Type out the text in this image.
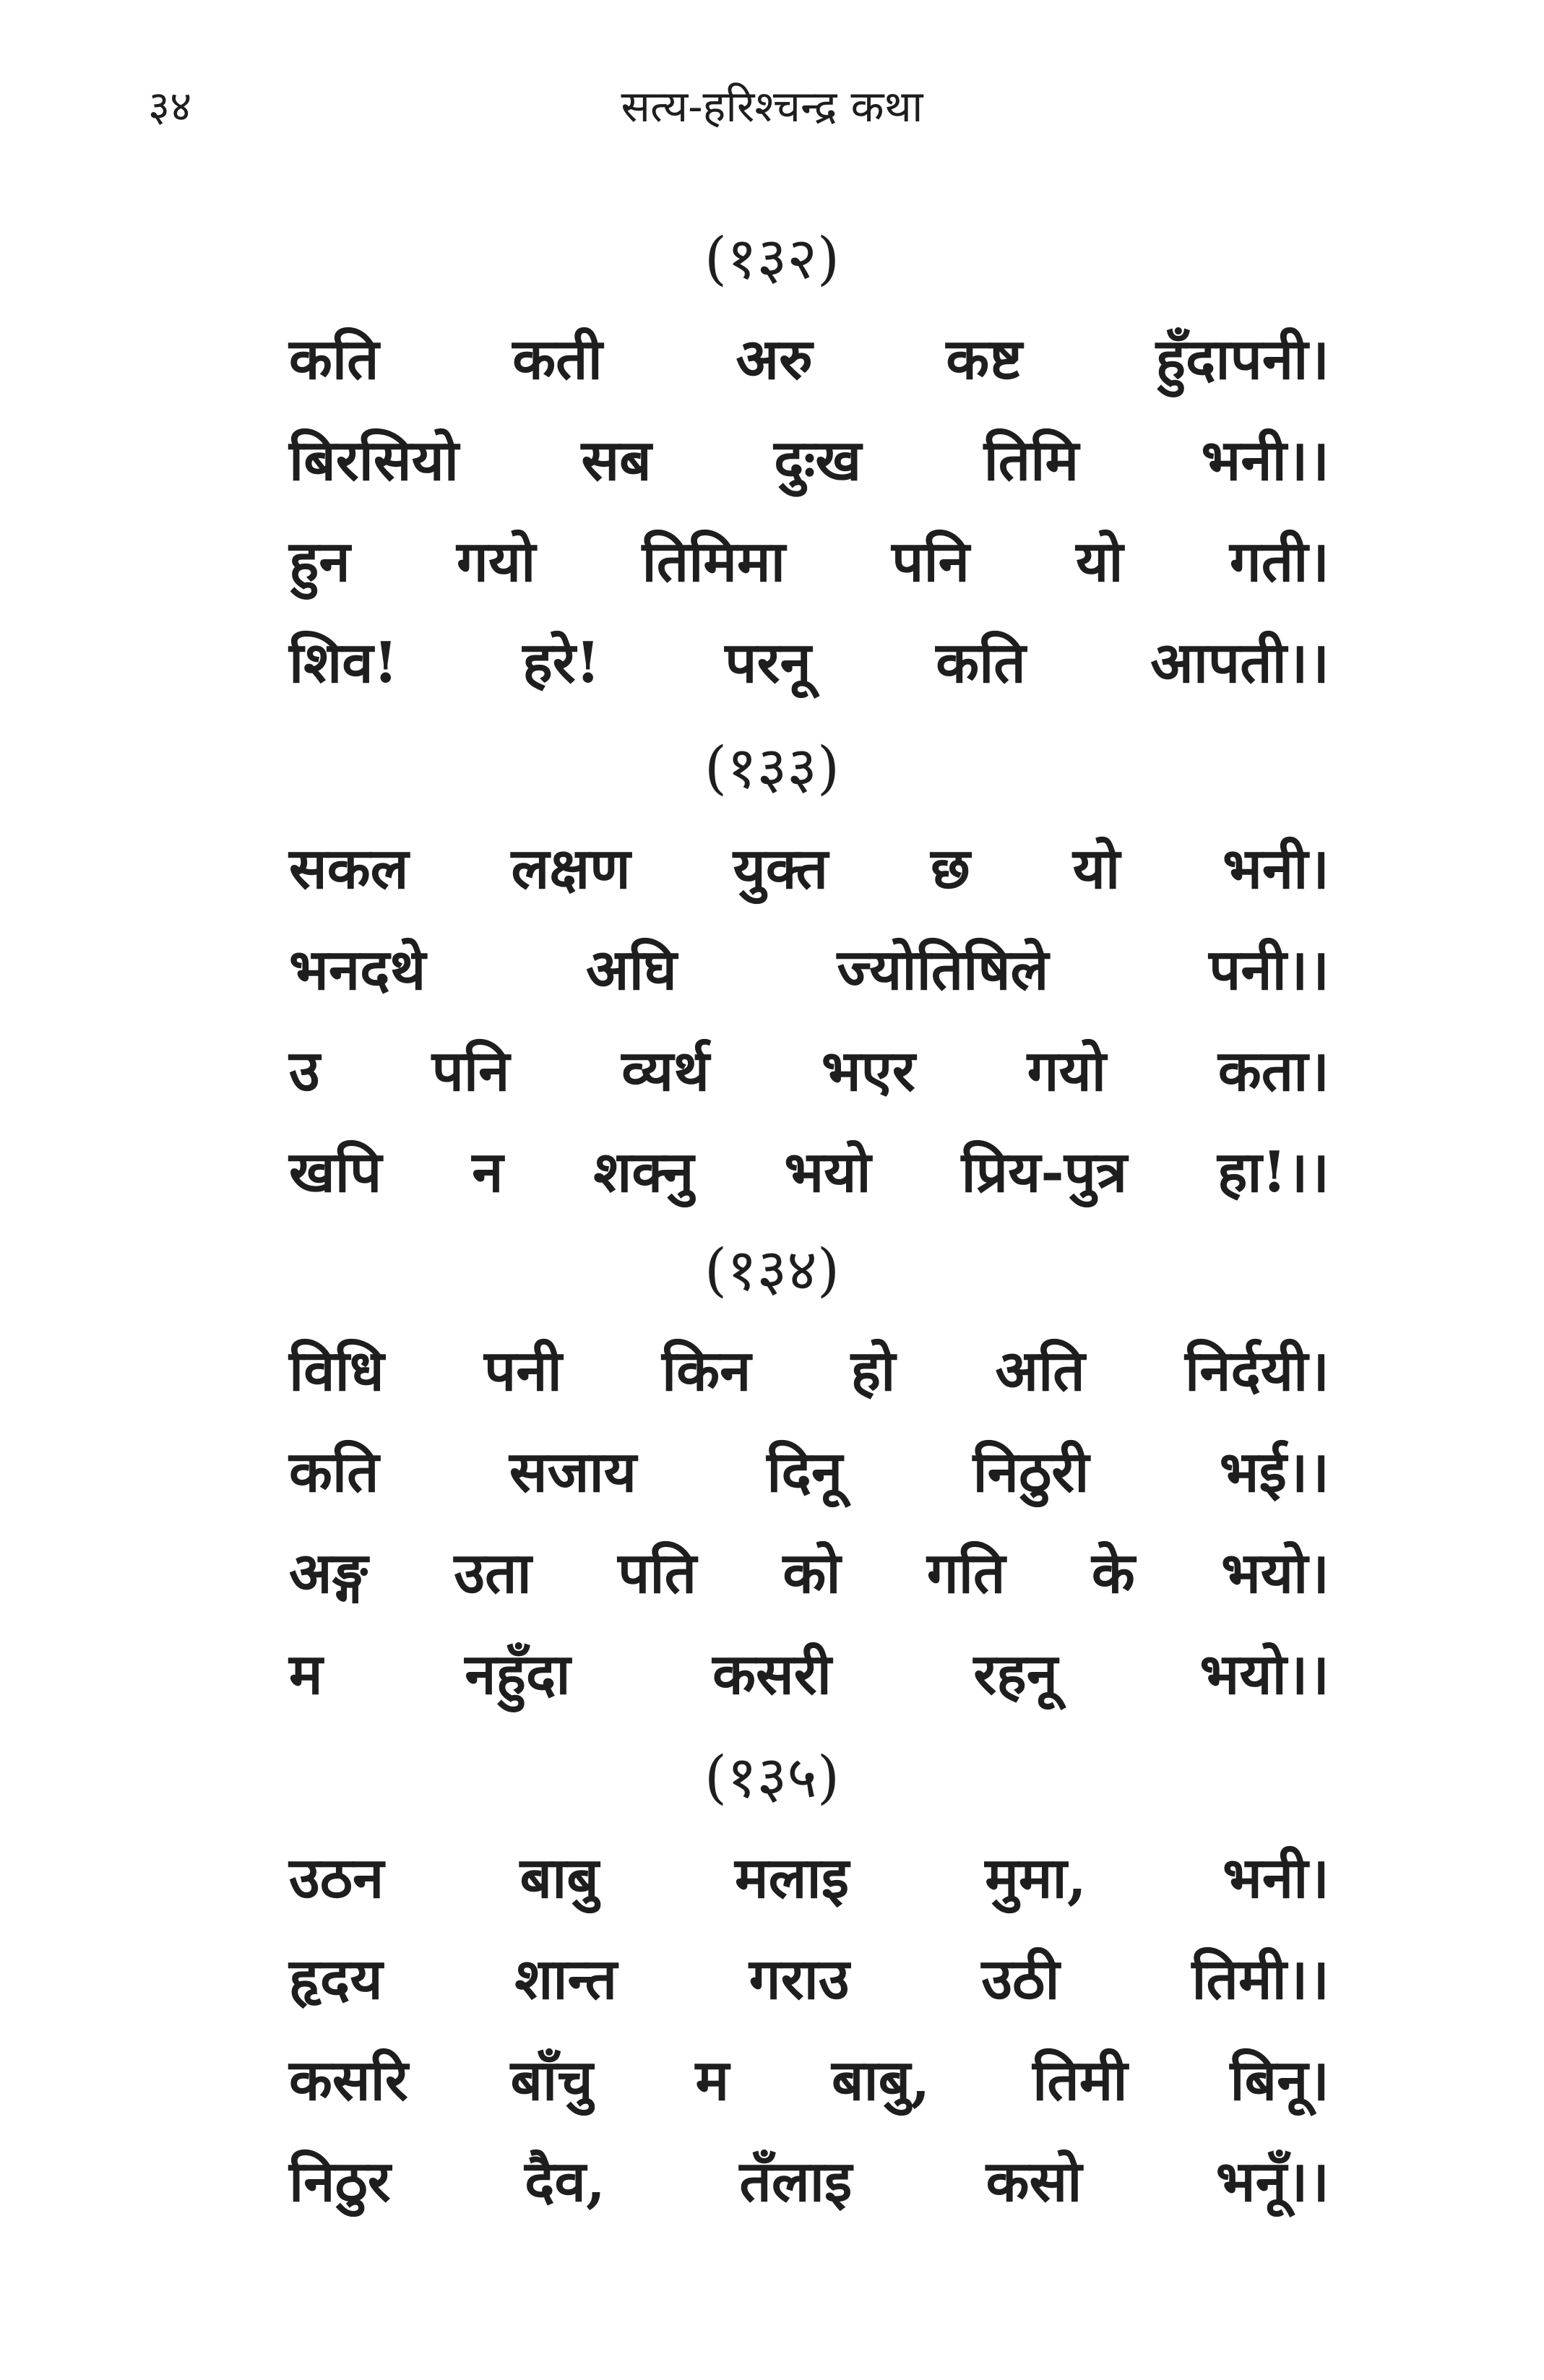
३४	सत्य-हरिश्चन्द्र कथा
(१३२)
कति कती अरु कष्ट हुँदापनी।
बिरसियो सब दुःख तिमि भनी।।
हुन गयो तिमिमा पनि यो गती।
शिव! हरे! परनू कति आपती।।
(१३३)
सकल लक्षण युक्त छ यो भनी।
भनदथे	अघि	ज्योतिषिले	पनी।।
उ पनि व्यर्थ भएर गयो कता।
खपि न शक्नु भयो प्रिय-पुत्र हा!।।
(१३४)
विधि पनी किन हो अति निर्दयी।
कति सजाय दिनू निठुरी भई।।
अङ्ग उता पति को गति के भयो।
म	नहुँदा	कसरी	रहनू	भयो।।
(१३५)
उठन बाबु मलाइ मुमा, भनी।
हृदय शान्त गराउ उठी तिमी।।
कसरि बाँचु म बाबु, तिमी बिनू।
निठुर दैव, तँलाइ कसो भनूँ।।
